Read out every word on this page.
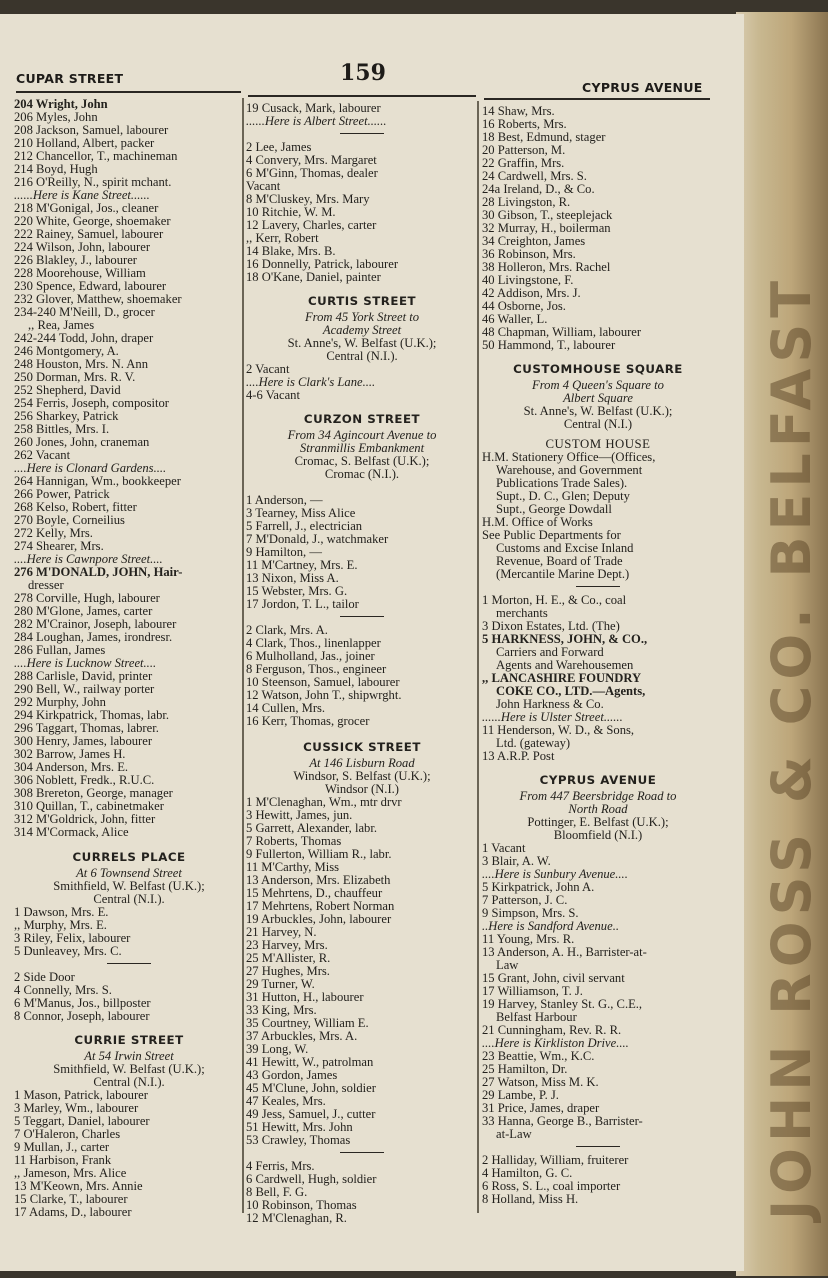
JOHN ROSS & CO. BELFAST
CUPAR STREET	159
CYPRUS AVENUE
204 Wright, John
206 Myles, John
208 Jackson, Samuel, labourer
210 Holland, Albert, packer
212 Chancellor, T., machineman
214 Boyd, Hugh
216 O'Reilly, N., spirit mchant.
......Here is Kane Street......
218 M'Gonigal, Jos., cleaner
220 White, George, shoemaker
222 Rainey, Samuel, labourer
224 Wilson, John, labourer
226 Blakley, J., labourer
228 Moorehouse, William
230 Spence, Edward, labourer
232 Glover, Matthew, shoemaker
234-240 M'Neill, D., grocer
,, Rea, James
242-244 Todd, John, draper
246 Montgomery, A.
248 Houston, Mrs. N. Ann
250 Dorman, Mrs. R. V.
252 Shepherd, David
254 Ferris, Joseph, compositor
256 Sharkey, Patrick
258 Bittles, Mrs. I.
260 Jones, John, craneman
262 Vacant
....Here is Clonard Gardens....
264 Hannigan, Wm., bookkeeper
266 Power, Patrick
268 Kelso, Robert, fitter
270 Boyle, Corneilius
272 Kelly, Mrs.
274 Shearer, Mrs.
....Here is Cawnpore Street....
276 M'DONALD, JOHN, Hair-
dresser
278 Corville, Hugh, labourer
280 M'Glone, James, carter
282 M'Crainor, Joseph, labourer
284 Loughan, James, irondresr.
286 Fullan, James
....Here is Lucknow Street....
288 Carlisle, David, printer
290 Bell, W., railway porter
292 Murphy, John
294 Kirkpatrick, Thomas, labr.
296 Taggart, Thomas, labrer.
300 Henry, James, labourer
302 Barrow, James H.
304 Anderson, Mrs. E.
306 Noblett, Fredk., R.U.C.
308 Brereton, George, manager
310 Quillan, T., cabinetmaker
312 M'Goldrick, John, fitter
314 M'Cormack, Alice
CURRELS PLACE
At 6 Townsend Street
Smithfield, W. Belfast (U.K.);
Central (N.I.).
1 Dawson, Mrs. E.
,, Murphy, Mrs. E.
3 Riley, Felix, labourer
5 Dunleavey, Mrs. C.
2 Side Door
4 Connelly, Mrs. S.
6 M'Manus, Jos., billposter
8 Connor, Joseph, labourer
CURRIE STREET
At 54 Irwin Street
Smithfield, W. Belfast (U.K.);
Central (N.I.).
1 Mason, Patrick, labourer
3 Marley, Wm., labourer
5 Teggart, Daniel, labourer
7 O'Haleron, Charles
9 Mullan, J., carter
11 Harbison, Frank
,, Jameson, Mrs. Alice
13 M'Keown, Mrs. Annie
15 Clarke, T., labourer
17 Adams, D., labourer
19 Cusack, Mark, labourer
......Here is Albert Street......
2 Lee, James
4 Convery, Mrs. Margaret
6 M'Ginn, Thomas, dealer
Vacant
8 M'Cluskey, Mrs. Mary
10 Ritchie, W. M.
12 Lavery, Charles, carter
,, Kerr, Robert
14 Blake, Mrs. B.
16 Donnelly, Patrick, labourer
18 O'Kane, Daniel, painter
CURTIS STREET
From 45 York Street to
Academy Street
St. Anne's, W. Belfast (U.K.);
Central (N.I.).
2 Vacant
....Here is Clark's Lane....
4-6 Vacant
CURZON STREET
From 34 Agincourt Avenue to
Stranmillis Embankment
Cromac, S. Belfast (U.K.);
Cromac (N.I.).
1 Anderson, —
3 Tearney, Miss Alice
5 Farrell, J., electrician
7 M'Donald, J., watchmaker
9 Hamilton, —
11 M'Cartney, Mrs. E.
13 Nixon, Miss A.
15 Webster, Mrs. G.
17 Jordon, T. L., tailor
2 Clark, Mrs. A.
4 Clark, Thos., linenlapper
6 Mulholland, Jas., joiner
8 Ferguson, Thos., engineer
10 Steenson, Samuel, labourer
12 Watson, John T., shipwrght.
14 Cullen, Mrs.
16 Kerr, Thomas, grocer
CUSSICK STREET
At 146 Lisburn Road
Windsor, S. Belfast (U.K.);
Windsor (N.I.)
1 M'Clenaghan, Wm., mtr drvr
3 Hewitt, James, jun.
5 Garrett, Alexander, labr.
7 Roberts, Thomas
9 Fullerton, William R., labr.
11 M'Carthy, Miss
13 Anderson, Mrs. Elizabeth
15 Mehrtens, D., chauffeur
17 Mehrtens, Robert Norman
19 Arbuckles, John, labourer
21 Harvey, N.
23 Harvey, Mrs.
25 M'Allister, R.
27 Hughes, Mrs.
29 Turner, W.
31 Hutton, H., labourer
33 King, Mrs.
35 Courtney, William E.
37 Arbuckles, Mrs. A.
39 Long, W.
41 Hewitt, W., patrolman
43 Gordon, James
45 M'Clune, John, soldier
47 Keales, Mrs.
49 Jess, Samuel, J., cutter
51 Hewitt, Mrs. John
53 Crawley, Thomas
4 Ferris, Mrs.
6 Cardwell, Hugh, soldier
8 Bell, F. G.
10 Robinson, Thomas
12 M'Clenaghan, R.
14 Shaw, Mrs.
16 Roberts, Mrs.
18 Best, Edmund, stager
20 Patterson, M.
22 Graffin, Mrs.
24 Cardwell, Mrs. S.
24a Ireland, D., & Co.
28 Livingston, R.
30 Gibson, T., steeplejack
32 Murray, H., boilerman
34 Creighton, James
36 Robinson, Mrs.
38 Holleron, Mrs. Rachel
40 Livingstone, F.
42 Addison, Mrs. J.
44 Osborne, Jos.
46 Waller, L.
48 Chapman, William, labourer
50 Hammond, T., labourer
CUSTOMHOUSE SQUARE
From 4 Queen's Square to
Albert Square
St. Anne's, W. Belfast (U.K.);
Central (N.I.)
CUSTOM HOUSE
H.M. Stationery Office—(Offices,
Warehouse, and Government
Publications Trade Sales).
Supt., D. C., Glen; Deputy
Supt., George Dowdall
H.M. Office of Works
See Public Departments for
Customs and Excise Inland
Revenue, Board of Trade
(Mercantile Marine Dept.)
1 Morton, H. E., & Co., coal
merchants
3 Dixon Estates, Ltd. (The)
5 HARKNESS, JOHN, & CO.,
Carriers and Forward
Agents and Warehousemen
,, LANCASHIRE FOUNDRY
COKE CO., LTD.—Agents,
John Harkness & Co.
......Here is Ulster Street......
11 Henderson, W. D., & Sons,
Ltd. (gateway)
13 A.R.P. Post
CYPRUS AVENUE
From 447 Beersbridge Road to
North Road
Pottinger, E. Belfast (U.K.);
Bloomfield (N.I.)
1 Vacant
3 Blair, A. W.
....Here is Sunbury Avenue....
5 Kirkpatrick, John A.
7 Patterson, J. C.
9 Simpson, Mrs. S.
..Here is Sandford Avenue..
11 Young, Mrs. R.
13 Anderson, A. H., Barrister-at-
Law
15 Grant, John, civil servant
17 Williamson, T. J.
19 Harvey, Stanley St. G., C.E.,
Belfast Harbour
21 Cunningham, Rev. R. R.
....Here is Kirkliston Drive....
23 Beattie, Wm., K.C.
25 Hamilton, Dr.
27 Watson, Miss M. K.
29 Lambe, P. J.
31 Price, James, draper
33 Hanna, George B., Barrister-
at-Law
2 Halliday, William, fruiterer
4 Hamilton, G. C.
6 Ross, S. L., coal importer
8 Holland, Miss H.
